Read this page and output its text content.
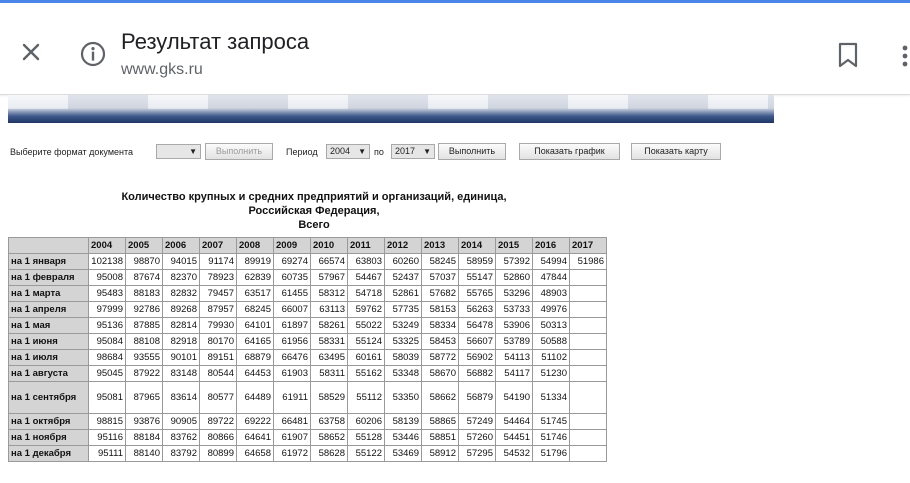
Результат запроса
www.gks.ru
Выберите формат документа	▼	Выполнить	Период	2004 ▼ по	2017 ▼	Выполнить	Показать график	Показать карту
Количество крупных и средних предприятий и организаций, единица,
Российская Федерация,
Всего
	2004	2005	2006	2007	2008	2009	2010	2011	2012	2013	2014	2015	2016	2017
на 1 января	102138	98870	94015	91174	89919	69274	66574	63803	60260	58245	58959	57392	54994	51986
на 1 февраля	95008	87674	82370	78923	62839	60735	57967	54467	52437	57037	55147	52860	47844	
на 1 марта	95483	88183	82832	79457	63517	61455	58312	54718	52861	57682	55765	53296	48903	
на 1 апреля	97999	92786	89268	87957	68245	66007	63113	59762	57735	58153	56263	53733	49976	
на 1 мая	95136	87885	82814	79930	64101	61897	58261	55022	53249	58334	56478	53906	50313	
на 1 июня	95084	88108	82918	80170	64165	61956	58331	55124	53325	58453	56607	53789	50588	
на 1 июля	98684	93555	90101	89151	68879	66476	63495	60161	58039	58772	56902	54113	51102	
на 1 августа	95045	87922	83148	80544	64453	61903	58311	55162	53348	58670	56882	54117	51230	
на 1 сентября	95081	87965	83614	80577	64489	61911	58529	55112	53350	58662	56879	54190	51334	
на 1 октября	98815	93876	90905	89722	69222	66481	63758	60206	58139	58865	57249	54464	51745	
на 1 ноября	95116	88184	83762	80866	64641	61907	58652	55128	53446	58851	57260	54451	51746	
на 1 декабря	95111	88140	83792	80899	64658	61972	58628	55122	53469	58912	57295	54532	51796	
